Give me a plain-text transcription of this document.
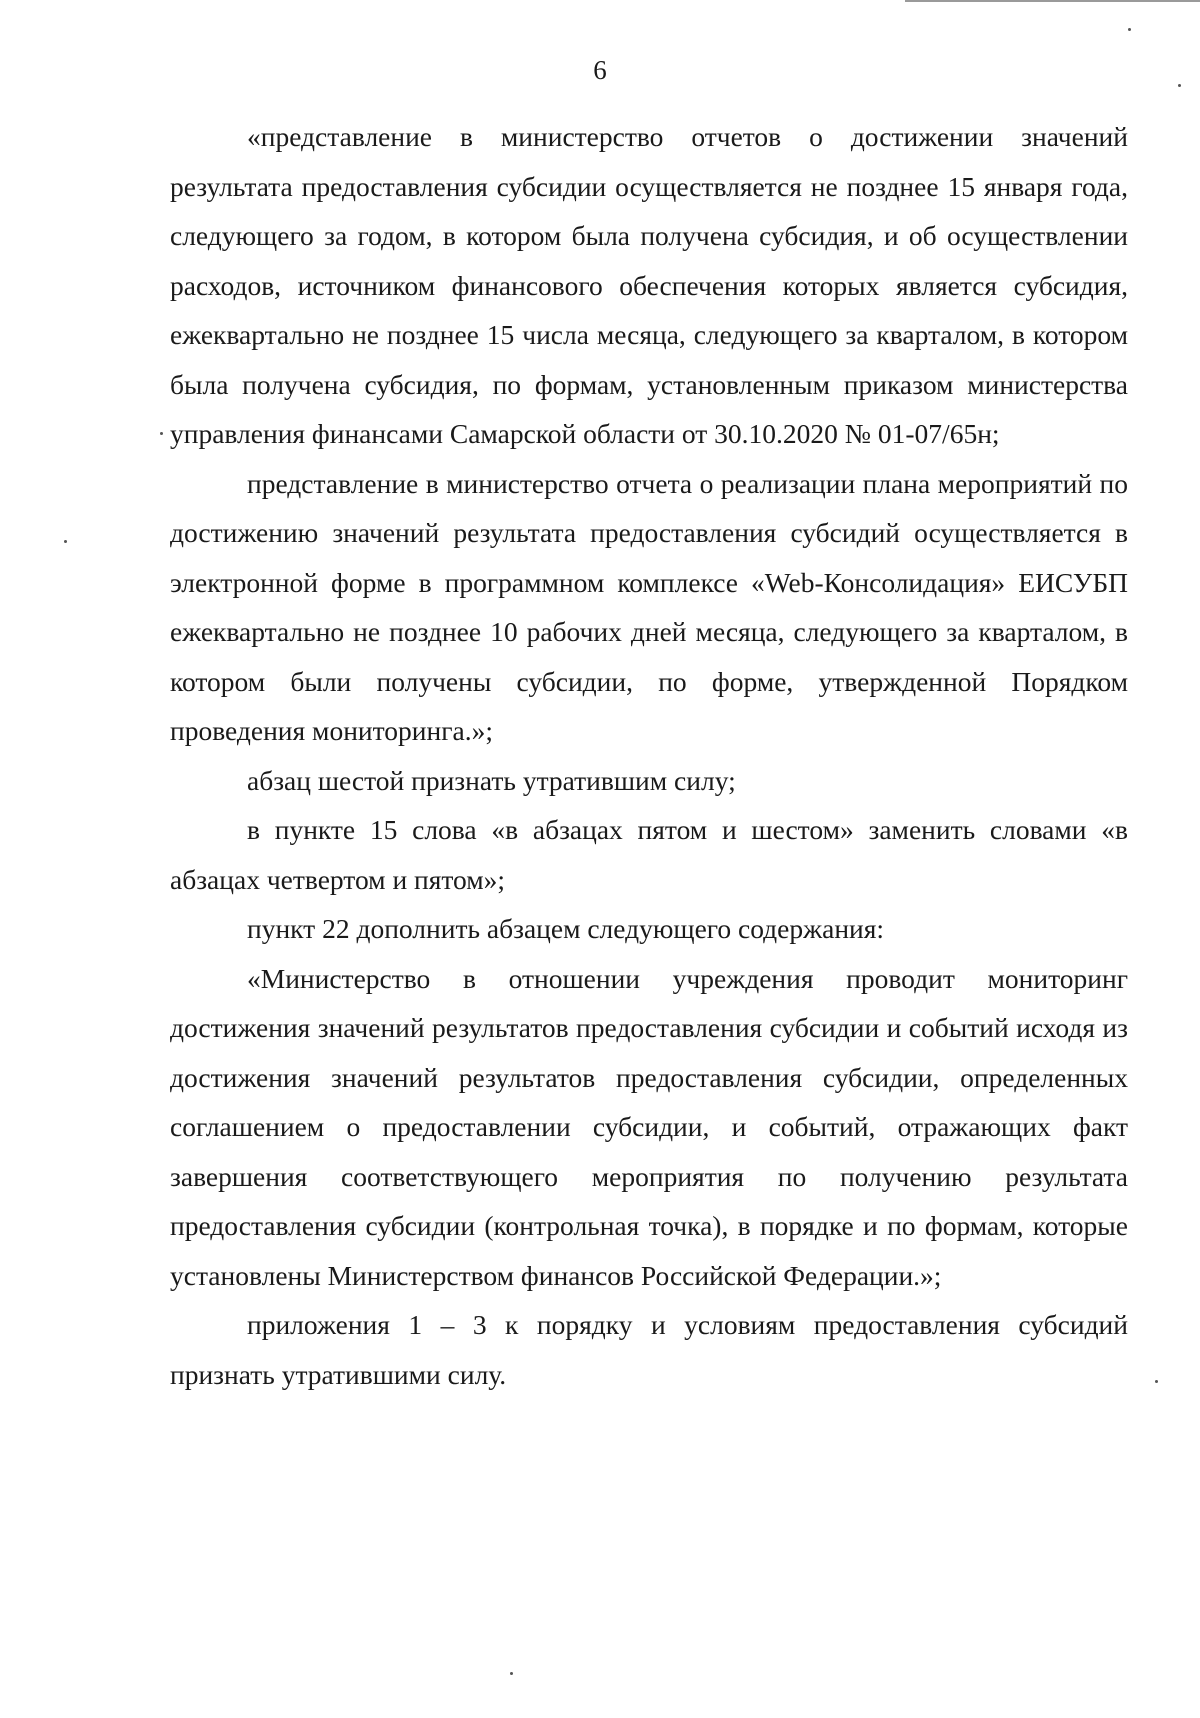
6

«представление в министерство отчетов о достижении значений результата предоставления субсидии осуществляется не позднее 15 января года, следующего за годом, в котором была получена субсидия, и об осуществлении расходов, источником финансового обеспечения которых является субсидия, ежеквартально не позднее 15 числа месяца, следующего за кварталом, в котором была получена субсидия, по формам, установленным приказом министерства управления финансами Самарской области от 30.10.2020 № 01-07/65н;

представление в министерство отчета о реализации плана мероприятий по достижению значений результата предоставления субсидий осуществляется в электронной форме в программном комплексе «Web-Консолидация» ЕИСУБП ежеквартально не позднее 10 рабочих дней месяца, следующего за кварталом, в котором были получены субсидии, по форме, утвержденной Порядком проведения мониторинга.»;

абзац шестой признать утратившим силу;

в пункте 15 слова «в абзацах пятом и шестом» заменить словами «в абзацах четвертом и пятом»;

пункт 22 дополнить абзацем следующего содержания:

«Министерство в отношении учреждения проводит мониторинг достижения значений результатов предоставления субсидии и событий исходя из достижения значений результатов предоставления субсидии, определенных соглашением о предоставлении субсидии, и событий, отражающих факт завершения соответствующего мероприятия по получению результата предоставления субсидии (контрольная точка), в порядке и по формам, которые установлены Министерством финансов Российской Федерации.»;

приложения 1 – 3 к порядку и условиям предоставления субсидий признать утратившими силу.
